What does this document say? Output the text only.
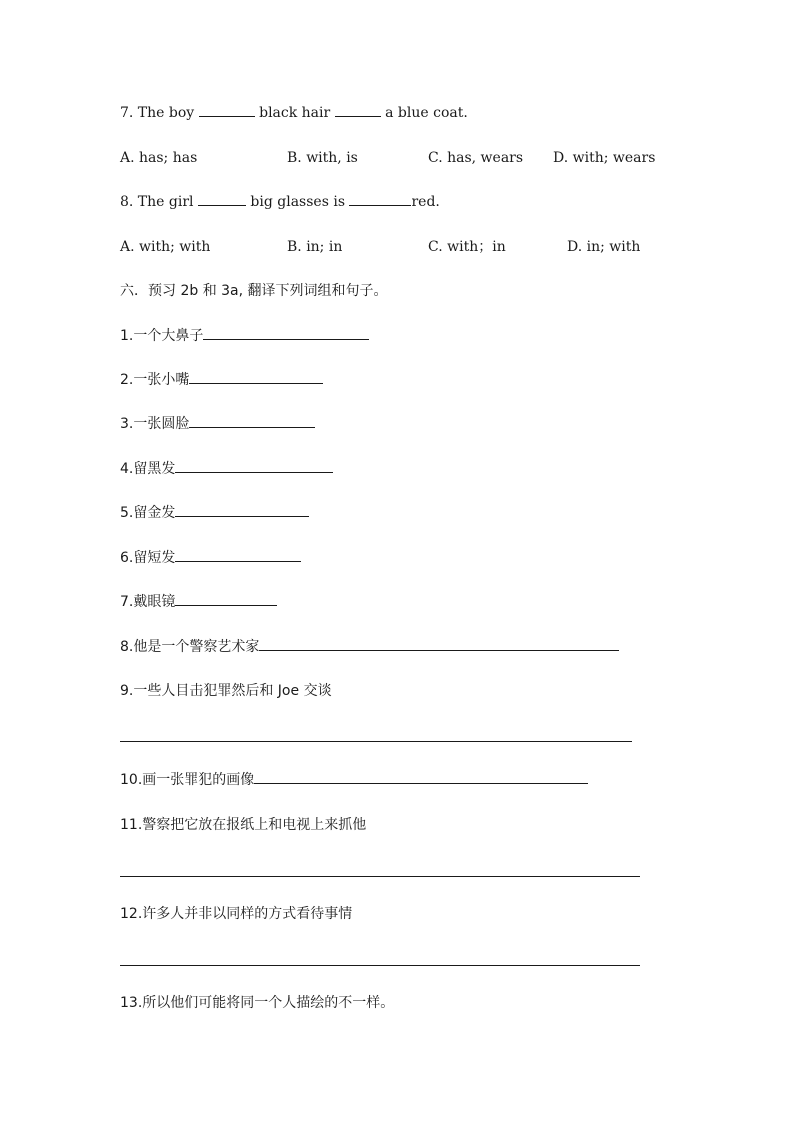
7. The boy	black hair	a blue coat.
A. has; has	B. with, is	C. has, wears D. with; wears
8. The girl	big glasses is	red.
A. with; with	B. in; in	C. with；in	D. in; with
六．预习 2b 和 3a, 翻译下列词组和句子。
1.一个大鼻子
2.一张小嘴
3.一张圆脸
4.留黑发
5.留金发
6.留短发
7.戴眼镜
8.他是一个警察艺术家
9.一些人目击犯罪然后和 Joe 交谈
10.画一张罪犯的画像
11.警察把它放在报纸上和电视上来抓他
12.许多人并非以同样的方式看待事情
13.所以他们可能将同一个人描绘的不一样。
